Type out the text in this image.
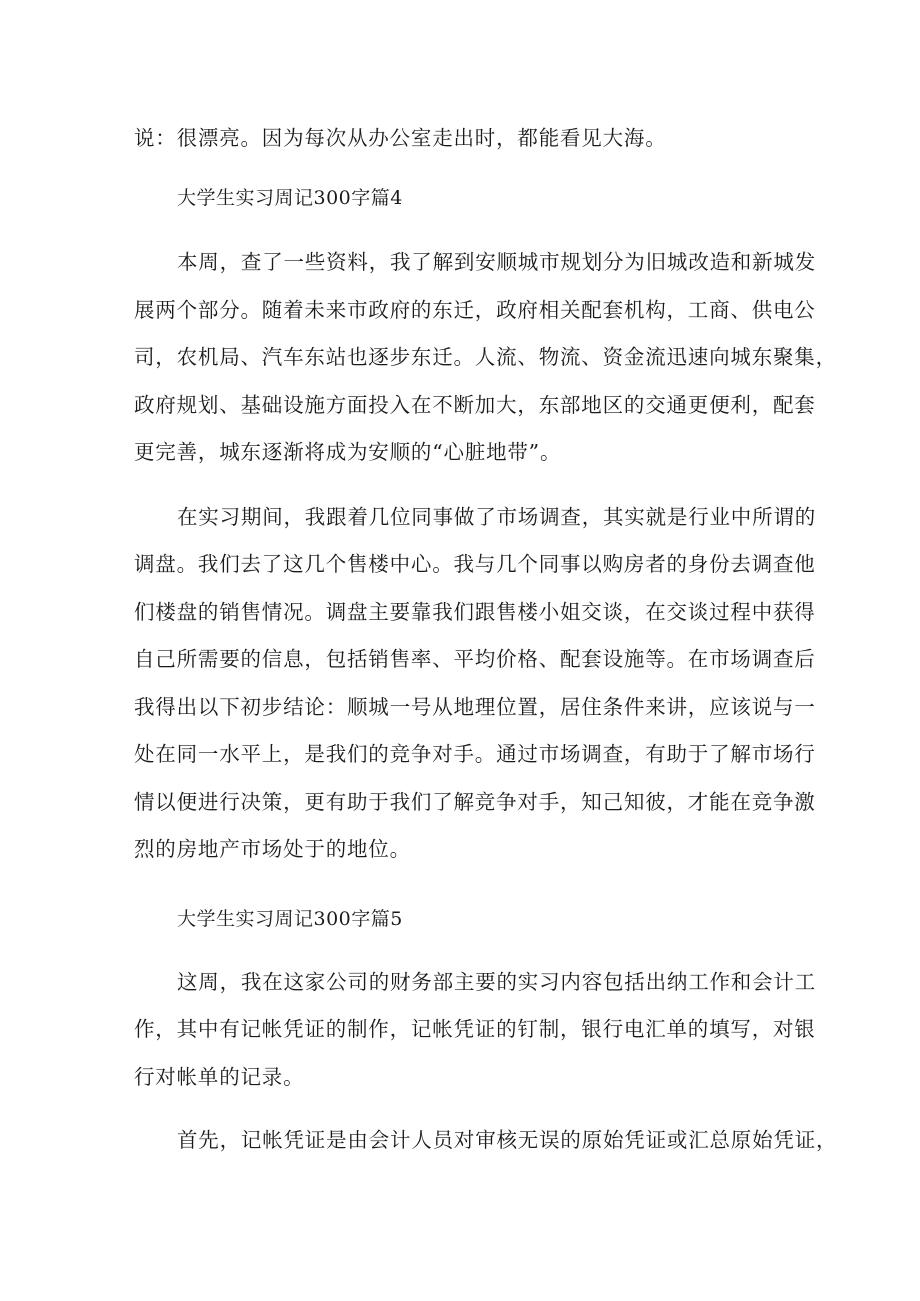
说：很漂亮。因为每次从办公室走出时，都能看见大海。
大学生实习周记300字篇4
本周，查了一些资料，我了解到安顺城市规划分为旧城改造和新城发
展两个部分。随着未来市政府的东迁，政府相关配套机构，工商、供电公
司，农机局、汽车东站也逐步东迁。人流、物流、资金流迅速向城东聚集，
政府规划、基础设施方面投入在不断加大，东部地区的交通更便利，配套
更完善，城东逐渐将成为安顺的“心脏地带”。
在实习期间，我跟着几位同事做了市场调查，其实就是行业中所谓的
调盘。我们去了这几个售楼中心。我与几个同事以购房者的身份去调查他
们楼盘的销售情况。调盘主要靠我们跟售楼小姐交谈，在交谈过程中获得
自己所需要的信息，包括销售率、平均价格、配套设施等。在市场调查后
我得出以下初步结论：顺城一号从地理位置，居住条件来讲，应该说与一
处在同一水平上，是我们的竞争对手。通过市场调查，有助于了解市场行
情以便进行决策，更有助于我们了解竞争对手，知己知彼，才能在竞争激
烈的房地产市场处于的地位。
大学生实习周记300字篇5
这周，我在这家公司的财务部主要的实习内容包括出纳工作和会计工
作，其中有记帐凭证的制作，记帐凭证的钉制，银行电汇单的填写，对银
行对帐单的记录。
首先，记帐凭证是由会计人员对审核无误的原始凭证或汇总原始凭证，
